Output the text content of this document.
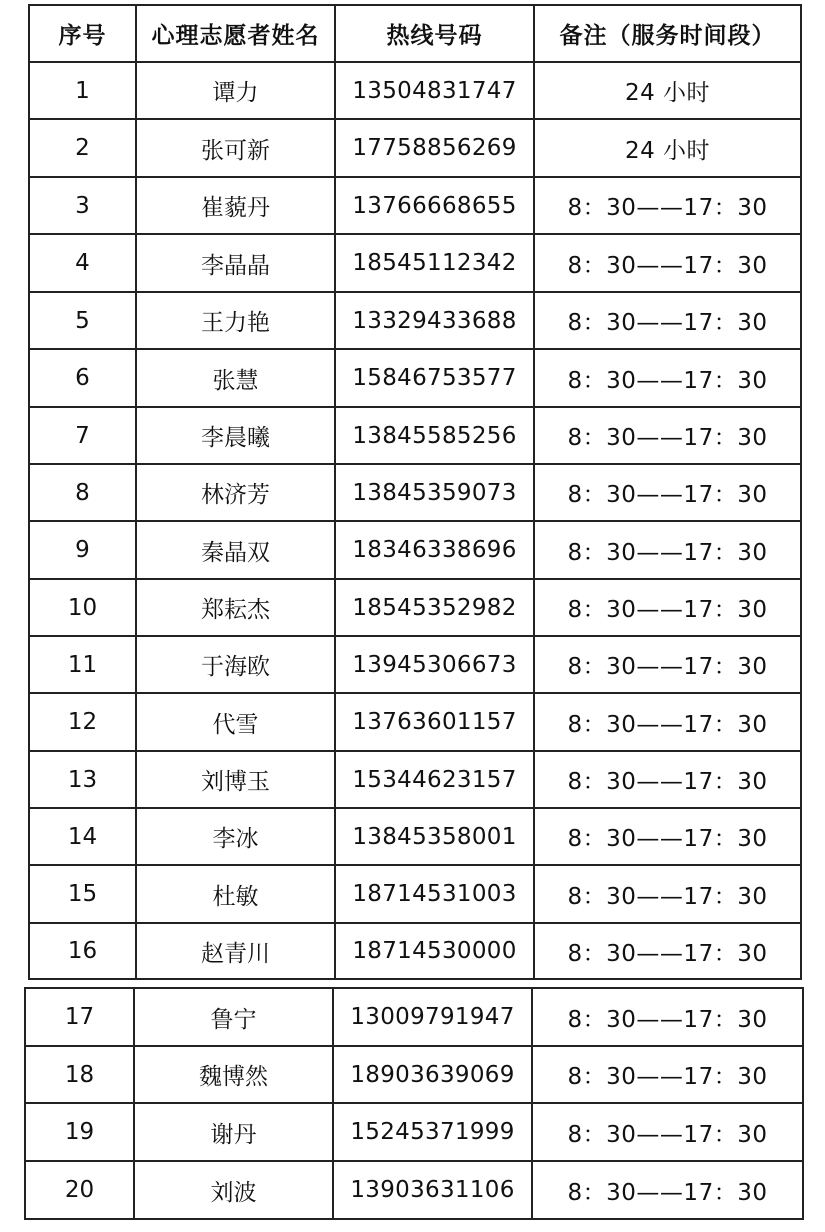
序号	心理志愿者姓名	热线号码	备注（服务时间段）
1	谭力	13504831747	24 小时
2	张可新	17758856269	24 小时
3	崔藐丹	13766668655	8：30——17：30
4	李晶晶	18545112342	8：30——17：30
5	王力艳	13329433688	8：30——17：30
6	张慧	15846753577	8：30——17：30
7	李晨曦	13845585256	8：30——17：30
8	林济芳	13845359073	8：30——17：30
9	秦晶双	18346338696	8：30——17：30
10	郑耘杰	18545352982	8：30——17：30
11	于海欧	13945306673	8：30——17：30
12	代雪	13763601157	8：30——17：30
13	刘博玉	15344623157	8：30——17：30
14	李冰	13845358001	8：30——17：30
15	杜敏	18714531003	8：30——17：30
16	赵青川	18714530000	8：30——17：30
17	鲁宁	13009791947	8：30——17：30
18	魏博然	18903639069	8：30——17：30
19	谢丹	15245371999	8：30——17：30
20	刘波	13903631106	8：30——17：30
